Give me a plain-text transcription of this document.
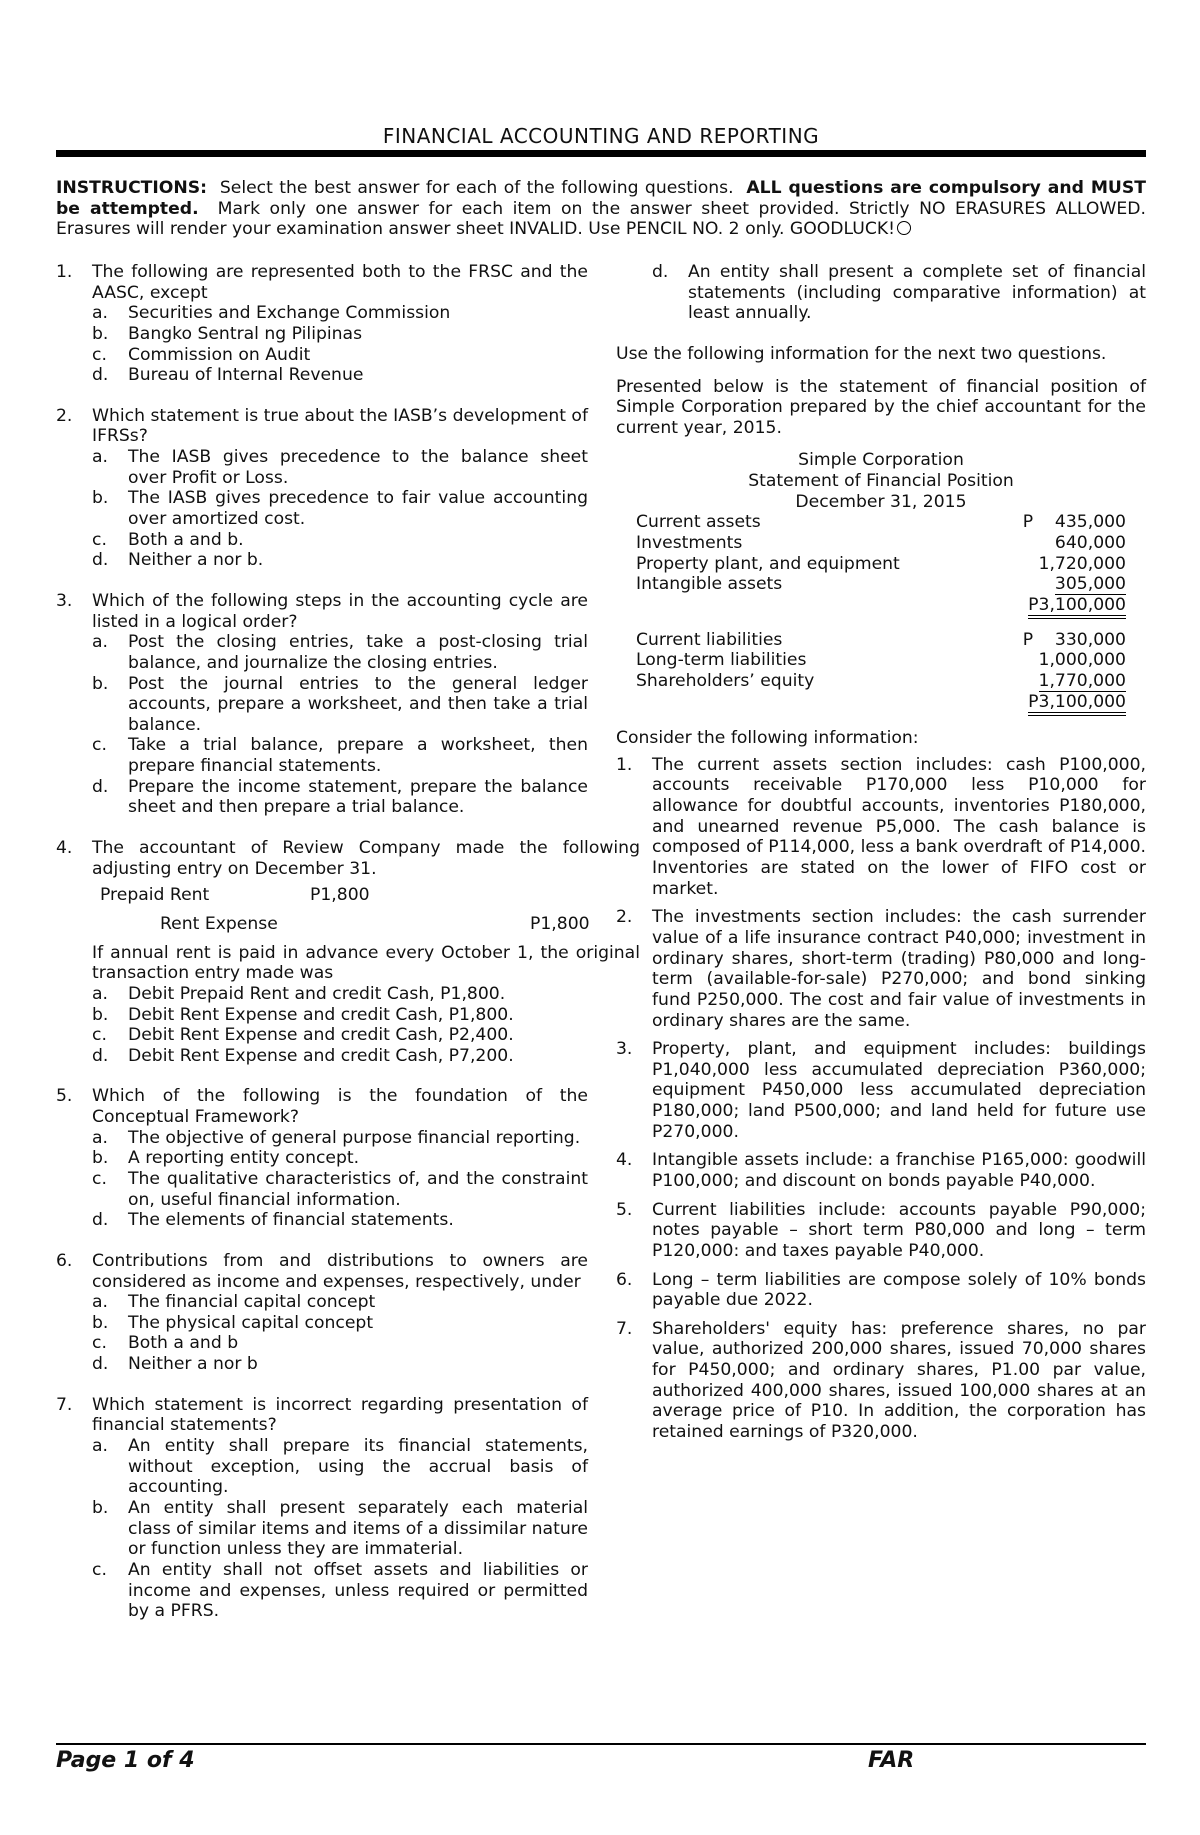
FINANCIAL ACCOUNTING AND REPORTING
INSTRUCTIONS: Select the best answer for each of the following questions. ALL questions are compulsory and MUST be attempted. Mark only one answer for each item on the answer sheet provided. Strictly NO ERASURES ALLOWED. Erasures will render your examination answer sheet INVALID. Use PENCIL NO. 2 only. GOODLUCK!
1.	The following are represented both to the FRSC and the AASC, except
a.	Securities and Exchange Commission
b.	Bangko Sentral ng Pilipinas
c.	Commission on Audit
d.	Bureau of Internal Revenue
2.	Which statement is true about the IASB’s development of IFRSs?
a.	The IASB gives precedence to the balance sheet over Profit or Loss.
b.	The IASB gives precedence to fair value accounting over amortized cost.
c.	Both a and b.
d.	Neither a nor b.
3.	Which of the following steps in the accounting cycle are listed in a logical order?
a.	Post the closing entries, take a post-closing trial balance, and journalize the closing entries.
b.	Post the journal entries to the general ledger accounts, prepare a worksheet, and then take a trial balance.
c.	Take a trial balance, prepare a worksheet, then prepare financial statements.
d.	Prepare the income statement, prepare the balance sheet and then prepare a trial balance.
4.	The accountant of Review Company made the following adjusting entry on December 31.
Prepaid Rent	P1,800
Rent Expense	P1,800
If annual rent is paid in advance every October 1, the original transaction entry made was
a.	Debit Prepaid Rent and credit Cash, P1,800.
b.	Debit Rent Expense and credit Cash, P1,800.
c.	Debit Rent Expense and credit Cash, P2,400.
d.	Debit Rent Expense and credit Cash, P7,200.
5.	Which of the following is the foundation of the Conceptual Framework?
a.	The objective of general purpose financial reporting.
b.	A reporting entity concept.
c.	The qualitative characteristics of, and the constraint on, useful financial information.
d.	The elements of financial statements.
6.	Contributions from and distributions to owners are considered as income and expenses, respectively, under
a.	The financial capital concept
b.	The physical capital concept
c.	Both a and b
d.	Neither a nor b
7.	Which statement is incorrect regarding presentation of financial statements?
a.	An entity shall prepare its financial statements, without exception, using the accrual basis of accounting.
b.	An entity shall present separately each material class of similar items and items of a dissimilar nature or function unless they are immaterial.
c.	An entity shall not offset assets and liabilities or income and expenses, unless required or permitted by a PFRS.
d.	An entity shall present a complete set of financial statements (including comparative information) at least annually.
Use the following information for the next two questions.
Presented below is the statement of financial position of Simple Corporation prepared by the chief accountant for the current year, 2015.
Simple Corporation
Statement of Financial Position
December 31, 2015
Current assets	P    435,000
Investments	640,000
Property plant, and equipment	1,720,000
Intangible assets	305,000
P3,100,000
Current liabilities	P    330,000
Long-term liabilities	1,000,000
Shareholders’ equity	1,770,000
P3,100,000
Consider the following information:
1.	The current assets section includes: cash P100,000, accounts receivable P170,000 less P10,000 for allowance for doubtful accounts, inventories P180,000, and unearned revenue P5,000. The cash balance is composed of P114,000, less a bank overdraft of P14,000. Inventories are stated on the lower of FIFO cost or market.
2.	The investments section includes: the cash surrender value of a life insurance contract P40,000; investment in ordinary shares, short-term (trading) P80,000 and long-term (available-for-sale) P270,000; and bond sinking fund P250,000. The cost and fair value of investments in ordinary shares are the same.
3.	Property, plant, and equipment includes: buildings P1,040,000 less accumulated depreciation P360,000; equipment P450,000 less accumulated depreciation P180,000; land P500,000; and land held for future use P270,000.
4.	Intangible assets include: a franchise P165,000: goodwill P100,000; and discount on bonds payable P40,000.
5.	Current liabilities include: accounts payable P90,000; notes payable – short term P80,000 and long – term P120,000: and taxes payable P40,000.
6.	Long – term liabilities are compose solely of 10% bonds payable due 2022.
7.	Shareholders' equity has: preference shares, no par value, authorized 200,000 shares, issued 70,000 shares for P450,000; and ordinary shares, P1.00 par value, authorized 400,000 shares, issued 100,000 shares at an average price of P10. In addition, the corporation has retained earnings of P320,000.
Page 1 of 4	FAR
